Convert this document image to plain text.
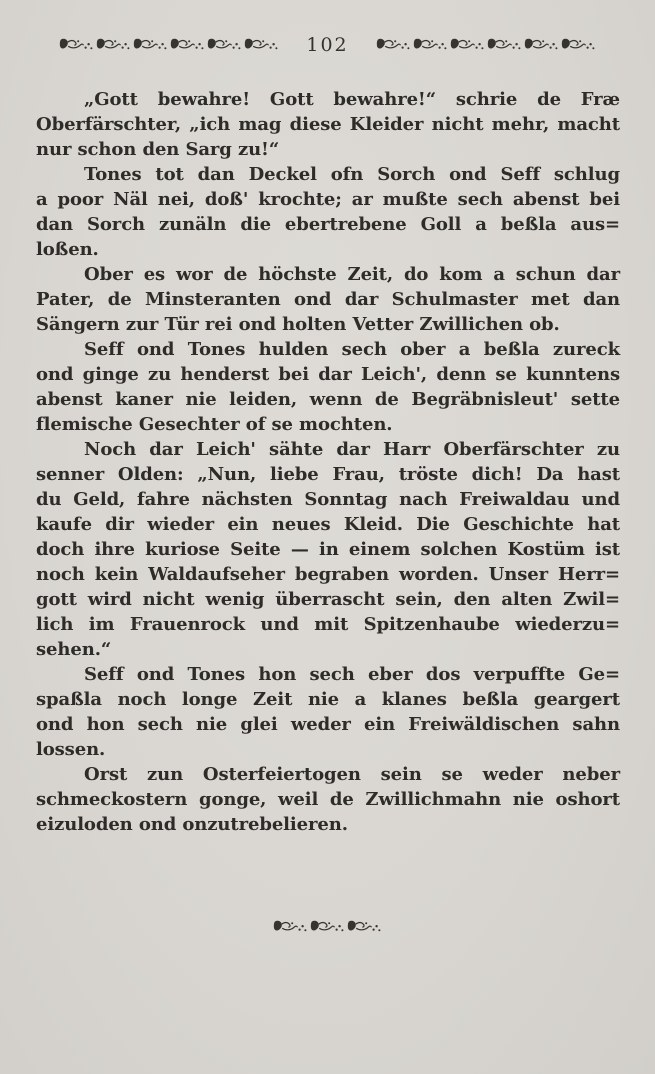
102
„Gott bewahre! Gott bewahre!“ schrie de Fræ
Oberfärschter, „ich mag diese Kleider nicht mehr, macht
nur schon den Sarg zu!“
Tones tot dan Deckel ofn Sorch ond Seff schlug
a poor Näl nei, doß' krochte; ar mußte sech abenst bei
dan Sorch zunäln die ebertrebene Goll a beßla aus=
loßen.
Ober es wor de höchste Zeit, do kom a schun dar
Pater, de Minsteranten ond dar Schulmaster met dan
Sängern zur Tür rei ond holten Vetter Zwillichen ob.
Seff ond Tones hulden sech ober a beßla zureck
ond ginge zu henderst bei dar Leich', denn se kunntens
abenst kaner nie leiden, wenn de Begräbnisleut' sette
flemische Gesechter of se mochten.
Noch dar Leich' sähte dar Harr Oberfärschter zu
senner Olden: „Nun, liebe Frau, tröste dich! Da hast
du Geld, fahre nächsten Sonntag nach Freiwaldau und
kaufe dir wieder ein neues Kleid. Die Geschichte hat
doch ihre kuriose Seite — in einem solchen Kostüm ist
noch kein Waldaufseher begraben worden. Unser Herr=
gott wird nicht wenig überrascht sein, den alten Zwil=
lich im Frauenrock und mit Spitzenhaube wiederzu=
sehen.“
Seff ond Tones hon sech eber dos verpuffte Ge=
spaßla noch longe Zeit nie a klanes beßla geargert
ond hon sech nie glei weder ein Freiwäldischen sahn
lossen.
Orst zun Osterfeiertogen sein se weder neber
schmeckostern gonge, weil de Zwillichmahn nie oshort
eizuloden ond onzutrebelieren.
